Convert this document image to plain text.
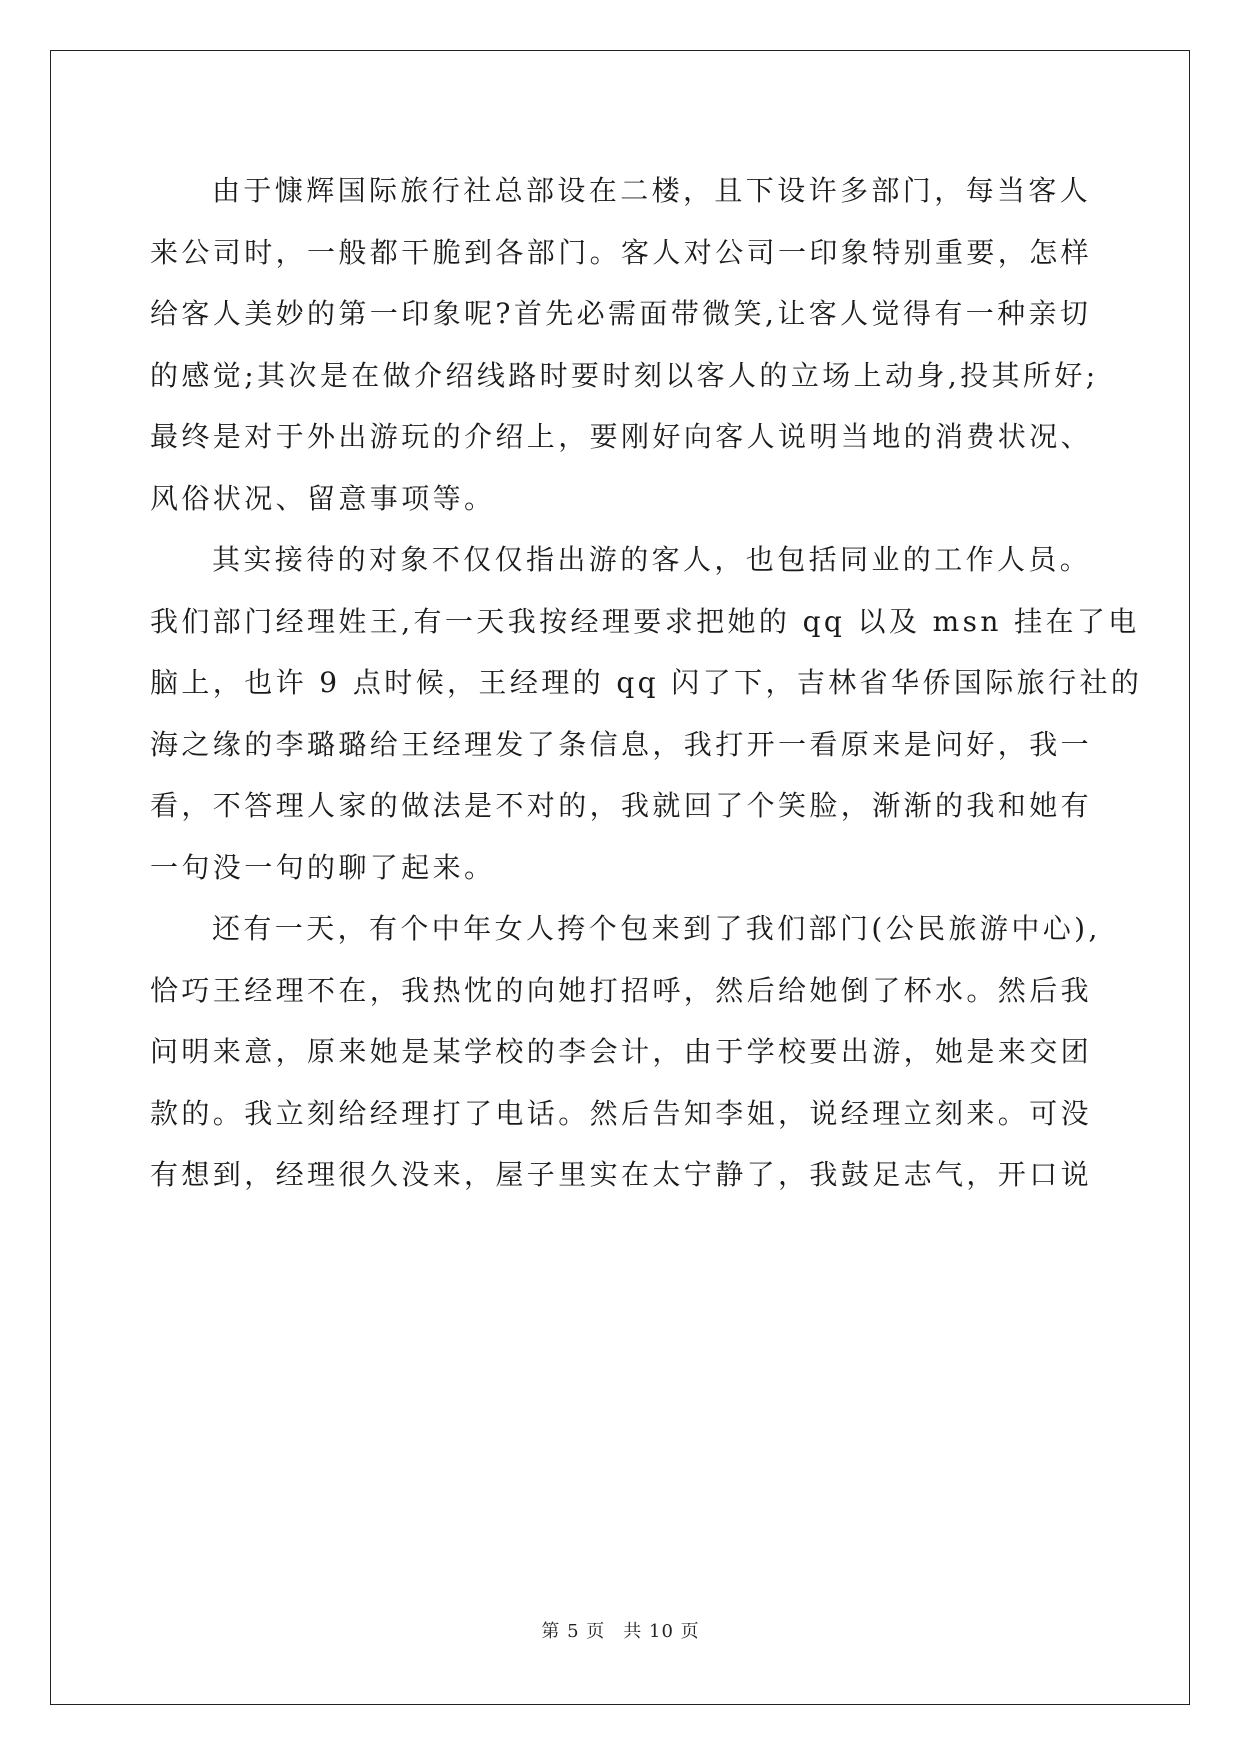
由于慷辉国际旅行社总部设在二楼，且下设许多部门，每当客人
来公司时，一般都干脆到各部门。客人对公司一印象特别重要，怎样
给客人美妙的第一印象呢?首先必需面带微笑,让客人觉得有一种亲切
的感觉;其次是在做介绍线路时要时刻以客人的立场上动身,投其所好;
最终是对于外出游玩的介绍上，要刚好向客人说明当地的消费状况、
风俗状况、留意事项等。
其实接待的对象不仅仅指出游的客人，也包括同业的工作人员。
我们部门经理姓王,有一天我按经理要求把她的 qq 以及 msn 挂在了电
脑上，也许 9 点时候，王经理的 qq 闪了下，吉林省华侨国际旅行社的
海之缘的李璐璐给王经理发了条信息，我打开一看原来是问好，我一
看，不答理人家的做法是不对的，我就回了个笑脸，渐渐的我和她有
一句没一句的聊了起来。
还有一天，有个中年女人挎个包来到了我们部门(公民旅游中心),
恰巧王经理不在，我热忱的向她打招呼，然后给她倒了杯水。然后我
问明来意，原来她是某学校的李会计，由于学校要出游，她是来交团
款的。我立刻给经理打了电话。然后告知李姐，说经理立刻来。可没
有想到，经理很久没来，屋子里实在太宁静了，我鼓足志气，开口说
第 5 页 共 10 页
